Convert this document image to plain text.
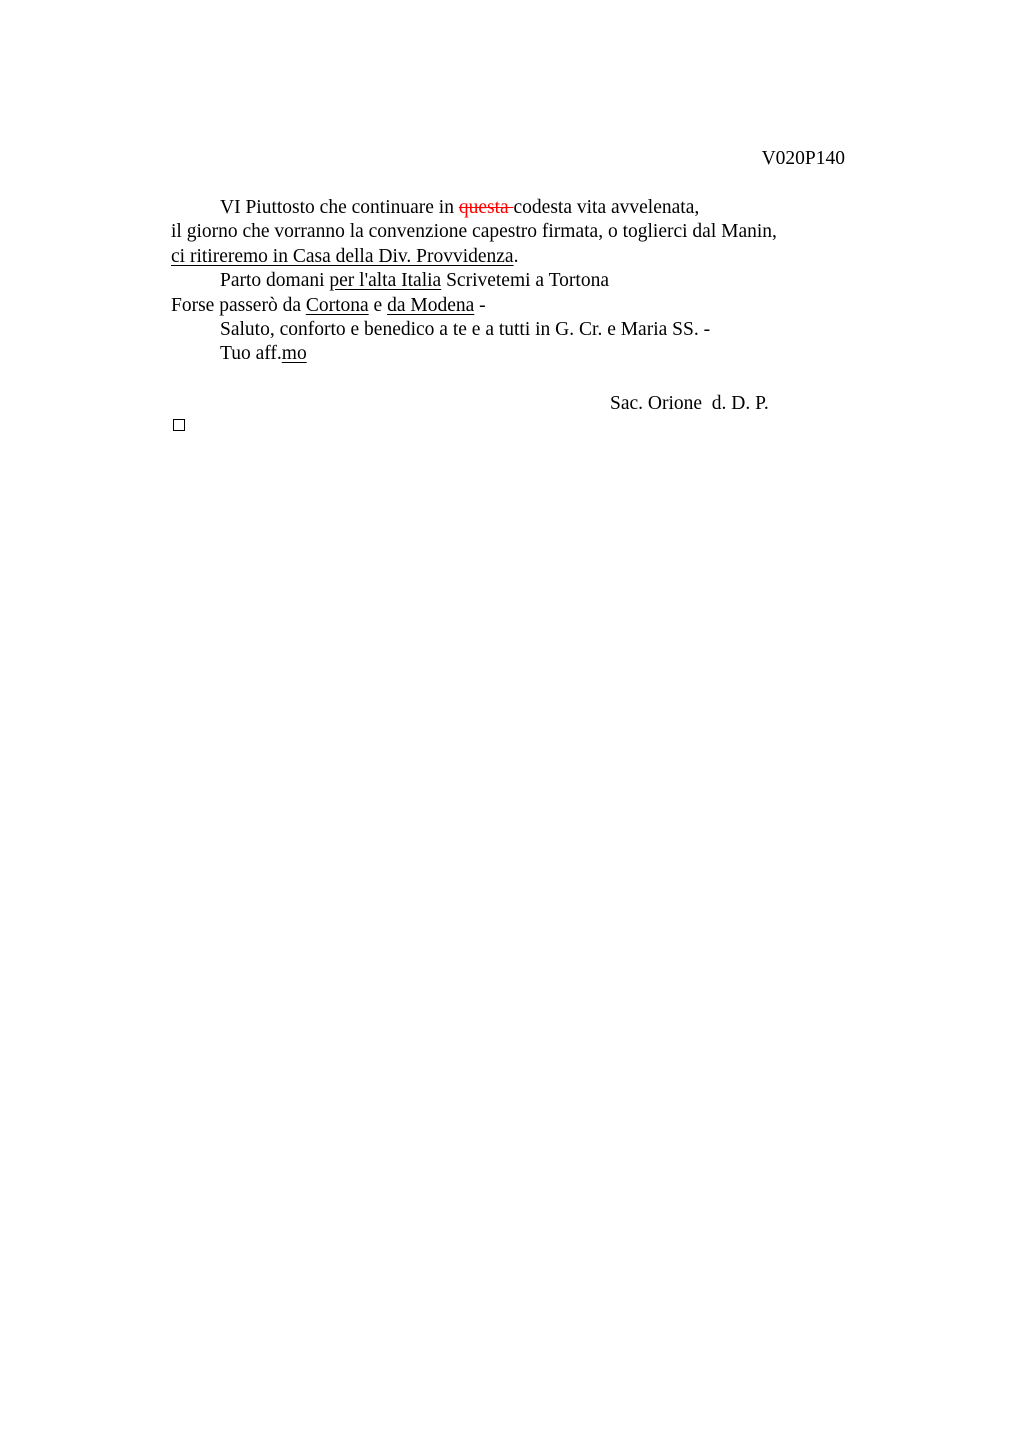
V020P140
VI Piuttosto che continuare in questa codesta vita avvelenata,
il giorno che vorranno la convenzione capestro firmata, o toglierci dal Manin,
ci ritireremo in Casa della Div. Provvidenza.
Parto domani per l'alta Italia Scrivetemi a Tortona
Forse passerò da Cortona e da Modena -
Saluto, conforto e benedico a te e a tutti in G. Cr. e Maria SS. -
Tuo aff.mo
Sac. Orione  d. D. P.
